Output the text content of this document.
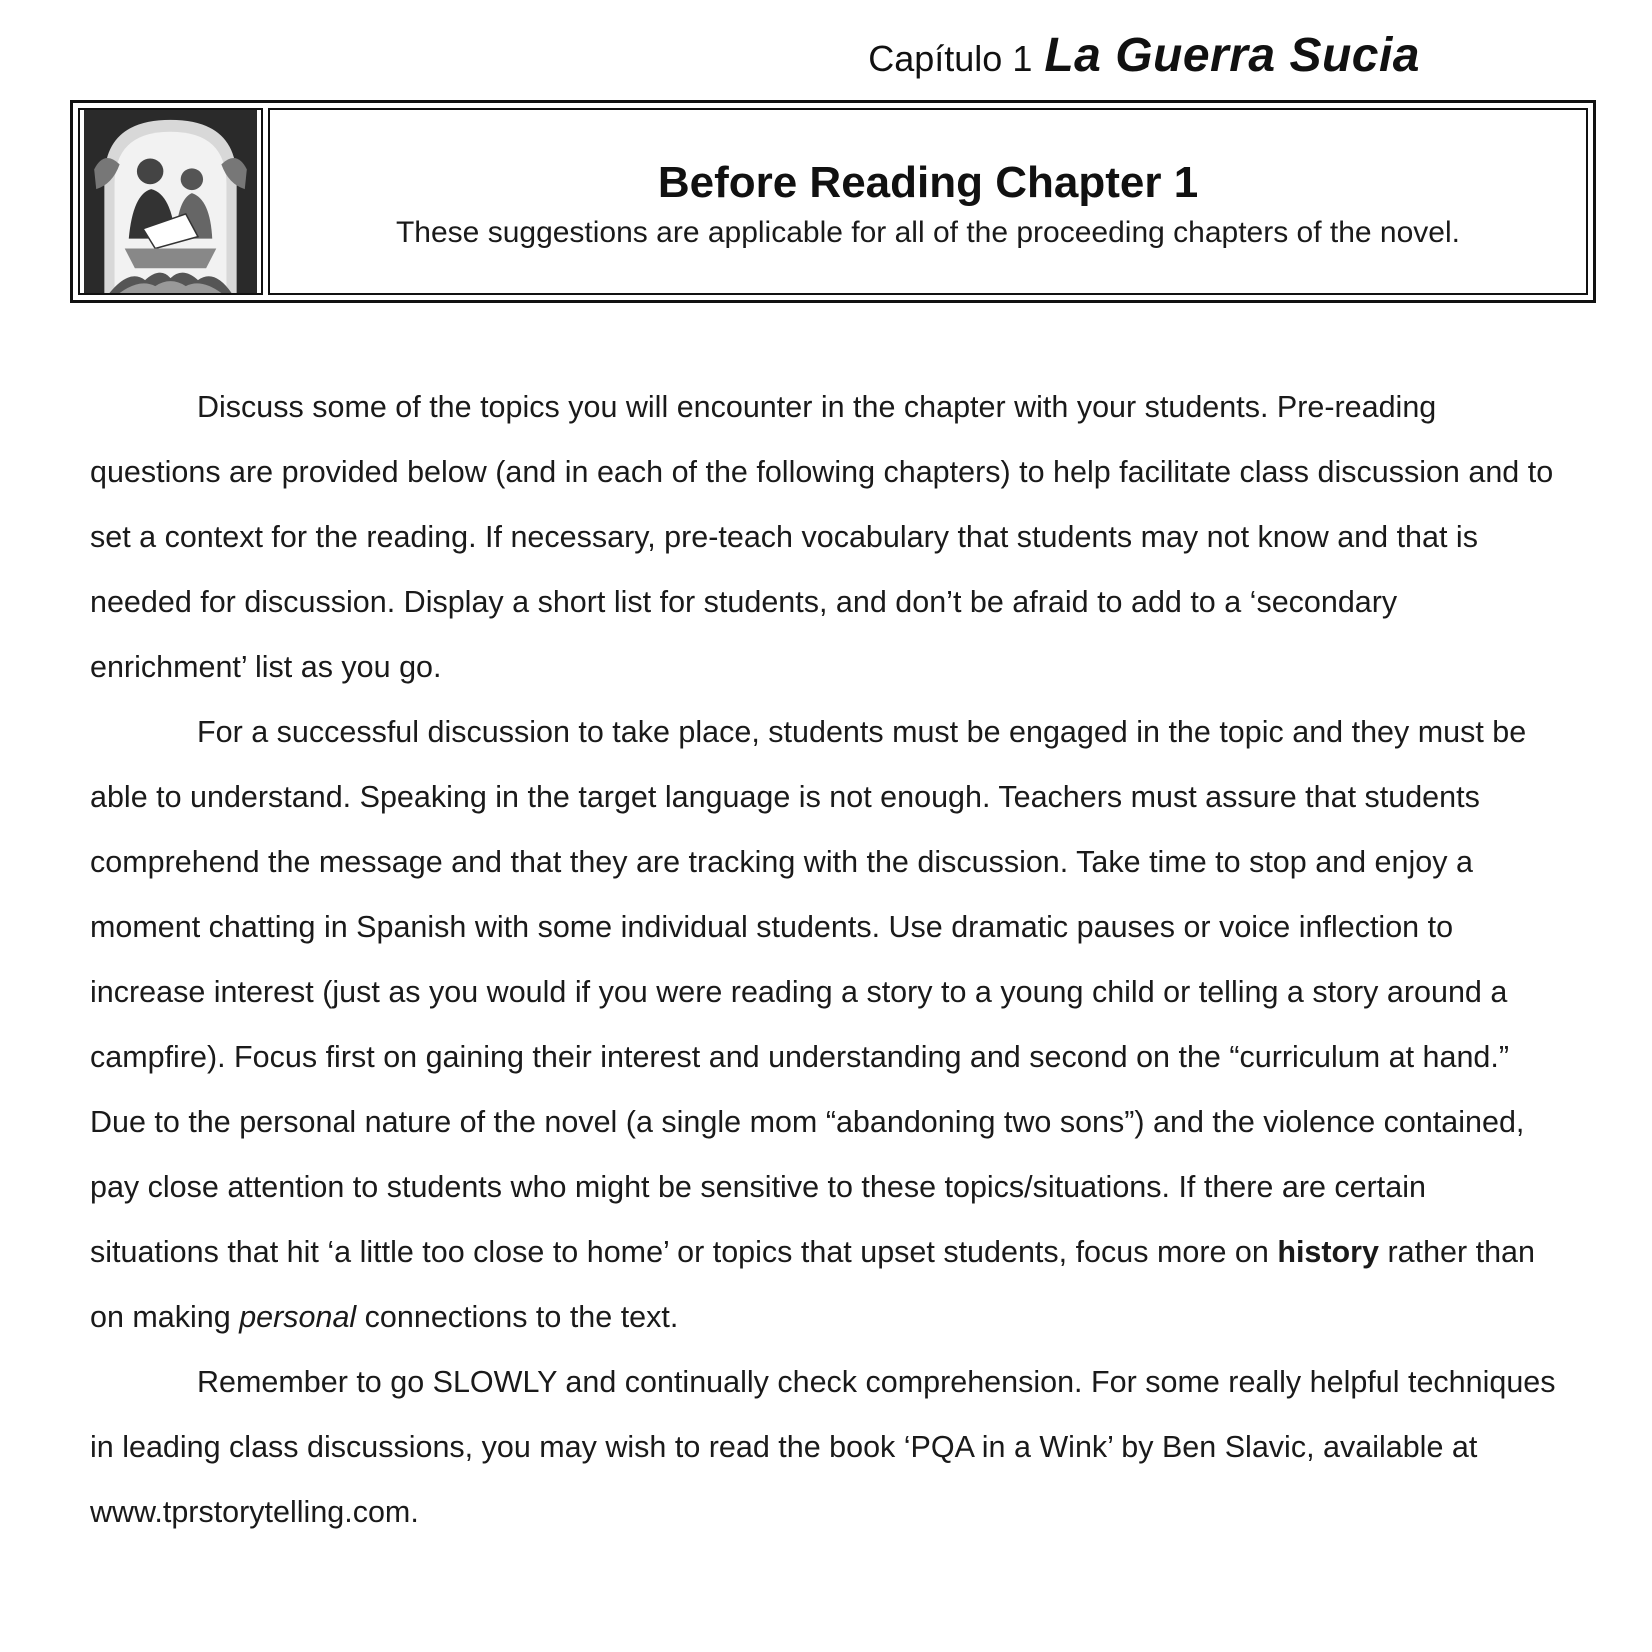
Capítulo 1 La Guerra Sucia
Before Reading Chapter 1
These suggestions are applicable for all of the proceeding chapters of the novel.

Discuss some of the topics you will encounter in the chapter with your students. Pre-reading questions are provided below (and in each of the following chapters) to help facilitate class discussion and to set a context for the reading. If necessary, pre-teach vocabulary that students may not know and that is needed for discussion. Display a short list for students, and don’t be afraid to add to a ‘secondary enrichment’ list as you go.

For a successful discussion to take place, students must be engaged in the topic and they must be able to understand. Speaking in the target language is not enough. Teachers must assure that students comprehend the message and that they are tracking with the discussion. Take time to stop and enjoy a moment chatting in Spanish with some individual students. Use dramatic pauses or voice inflection to increase interest (just as you would if you were reading a story to a young child or telling a story around a campfire). Focus first on gaining their interest and understanding and second on the “curriculum at hand.” Due to the personal nature of the novel (a single mom “abandoning two sons”) and the violence contained, pay close attention to students who might be sensitive to these topics/situations. If there are certain situations that hit ‘a little too close to home’ or topics that upset students, focus more on history rather than on making personal connections to the text.

Remember to go SLOWLY and continually check comprehension. For some really helpful techniques in leading class discussions, you may wish to read the book ‘PQA in a Wink’ by Ben Slavic, available at www.tprstorytelling.com.
